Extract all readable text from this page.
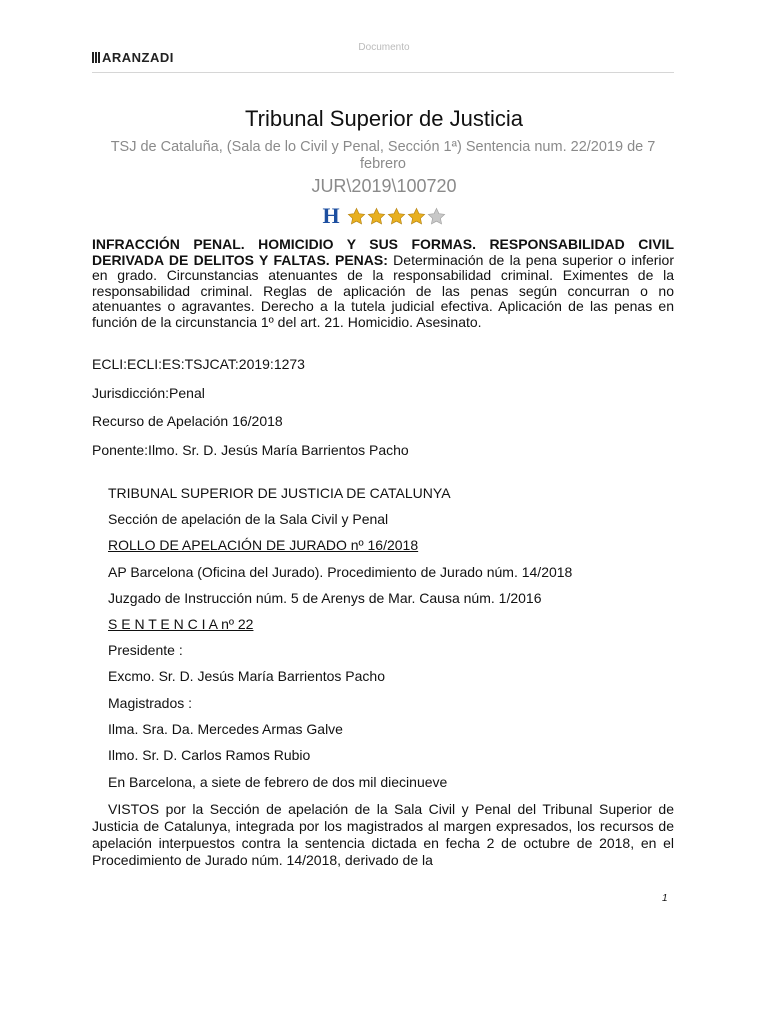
Documento
ARANZADI
Tribunal Superior de Justicia
TSJ de Cataluña, (Sala de lo Civil y Penal, Sección 1ª) Sentencia num. 22/2019 de 7 febrero
JUR\2019\100720
H
INFRACCIÓN PENAL. HOMICIDIO Y SUS FORMAS. RESPONSABILIDAD CIVIL DERIVADA DE DELITOS Y FALTAS. PENAS: Determinación de la pena superior o inferior en grado. Circunstancias atenuantes de la responsabilidad criminal. Eximentes de la responsabilidad criminal. Reglas de aplicación de las penas según concurran o no atenuantes o agravantes. Derecho a la tutela judicial efectiva. Aplicación de las penas en función de la circunstancia 1º del art. 21. Homicidio. Asesinato.
ECLI:ECLI:ES:TSJCAT:2019:1273
Jurisdicción:Penal
Recurso de Apelación 16/2018
Ponente:Ilmo. Sr. D. Jesús María Barrientos Pacho
TRIBUNAL SUPERIOR DE JUSTICIA DE CATALUNYA
Sección de apelación de la Sala Civil y Penal
ROLLO DE APELACIÓN DE JURADO nº 16/2018
AP Barcelona (Oficina del Jurado). Procedimiento de Jurado núm. 14/2018
Juzgado de Instrucción núm. 5 de Arenys de Mar. Causa núm. 1/2016
S E N T E N C I A nº 22
Presidente :
Excmo. Sr. D. Jesús María Barrientos Pacho
Magistrados :
Ilma. Sra. Da. Mercedes Armas Galve
Ilmo. Sr. D. Carlos Ramos Rubio
En Barcelona, a siete de febrero de dos mil diecinueve
VISTOS por la Sección de apelación de la Sala Civil y Penal del Tribunal Superior de Justicia de Catalunya, integrada por los magistrados al margen expresados, los recursos de apelación interpuestos contra la sentencia dictada en fecha 2 de octubre de 2018, en el Procedimiento de Jurado núm. 14/2018, derivado de la
1
